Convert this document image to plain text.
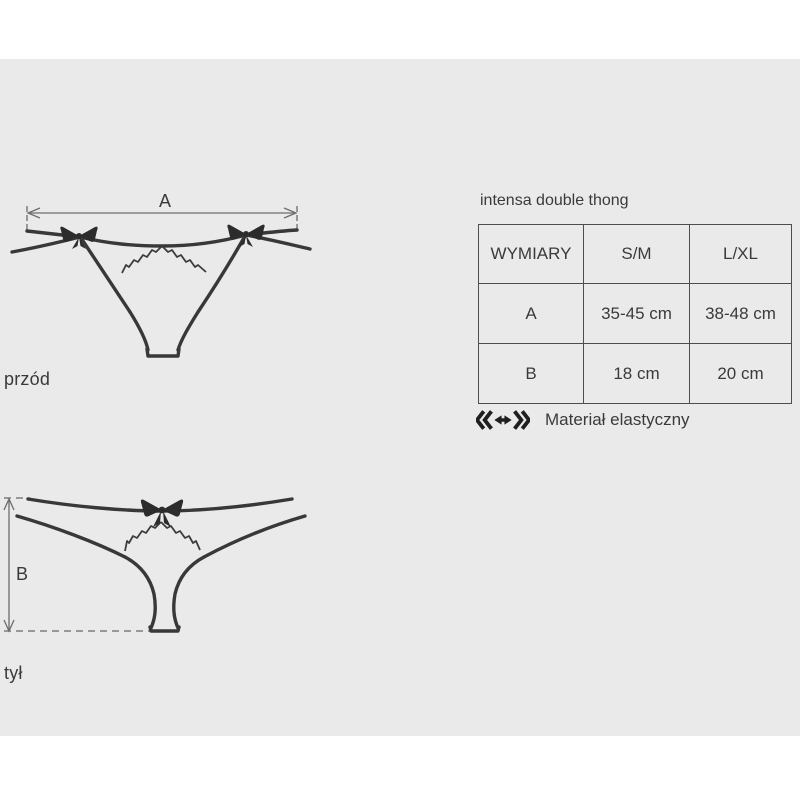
A
przód
intensa double thong
WYMIARY	S/M	L/XL
A	35-45 cm	38-48 cm
B	18 cm	20 cm
Materiał elastyczny
B
tył
